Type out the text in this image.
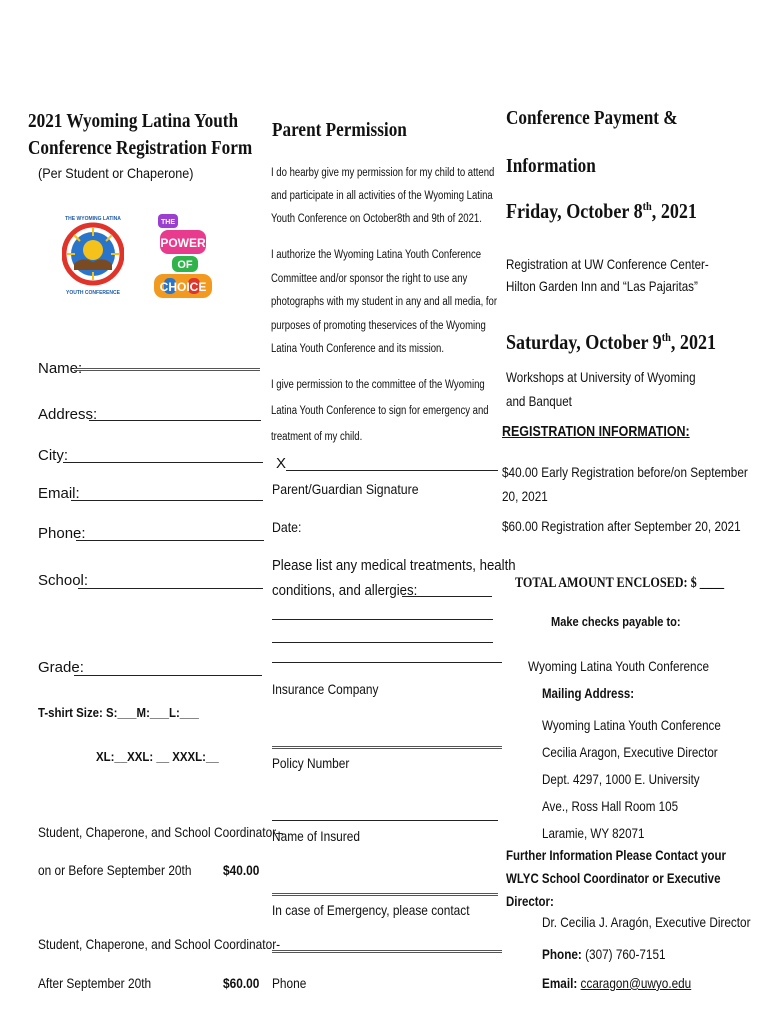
2021 Wyoming Latina Youth
Conference Registration Form
(Per Student or Chaperone)
THE WYOMING LATINA
YOUTH CONFERENCE
POWER
OF
CHOICE
THE
Name:
Address:
City:
Email:
Phone:
School:
Grade:
T-shirt Size: S:___M:___L:___
XL:__XXL: __ XXXL:__
Student, Chaperone, and School Coordinator–
on or Before September 20th $40.00
Student, Chaperone, and School Coordinator-
After September 20th	$60.00
Parent Permission
I do hearby give my permission for my child to attend
and participate in all activities of the Wyoming Latina
Youth Conference on October8th and 9th of 2021.
I authorize the Wyoming Latina Youth Conference
Committee and/or sponsor the right to use any
photographs with my student in any and all media, for
purposes of promoting theservices of the Wyoming
Latina Youth Conference and its mission.
I give permission to the committee of the Wyoming
Latina Youth Conference to sign for emergency and
treatment of my child.
X
Parent/Guardian Signature
Date:
Please list any medical treatments, health
conditions, and allergies:
Insurance Company
Policy Number
Name of Insured
In case of Emergency, please contact
Phone
Conference Payment &
Information
Friday, October 8th, 2021
Registration at UW Conference Center-
Hilton Garden Inn and “Las Pajaritas”
Saturday, October 9th, 2021
Workshops at University of Wyoming
and Banquet
REGISTRATION INFORMATION:
$40.00 Early Registration before/on September
20, 2021
$60.00 Registration after September 20, 2021
TOTAL AMOUNT ENCLOSED: $ ____
Make checks payable to:
Wyoming Latina Youth Conference
Mailing Address:
Wyoming Latina Youth Conference
Cecilia Aragon, Executive Director
Dept. 4297, 1000 E. University
Ave., Ross Hall Room 105
Laramie, WY 82071
Further Information Please Contact your
WLYC School Coordinator or Executive
Director:
Dr. Cecilia J. Aragón, Executive Director
Phone: (307) 760-7151
Email: ccaragon@uwyo.edu
